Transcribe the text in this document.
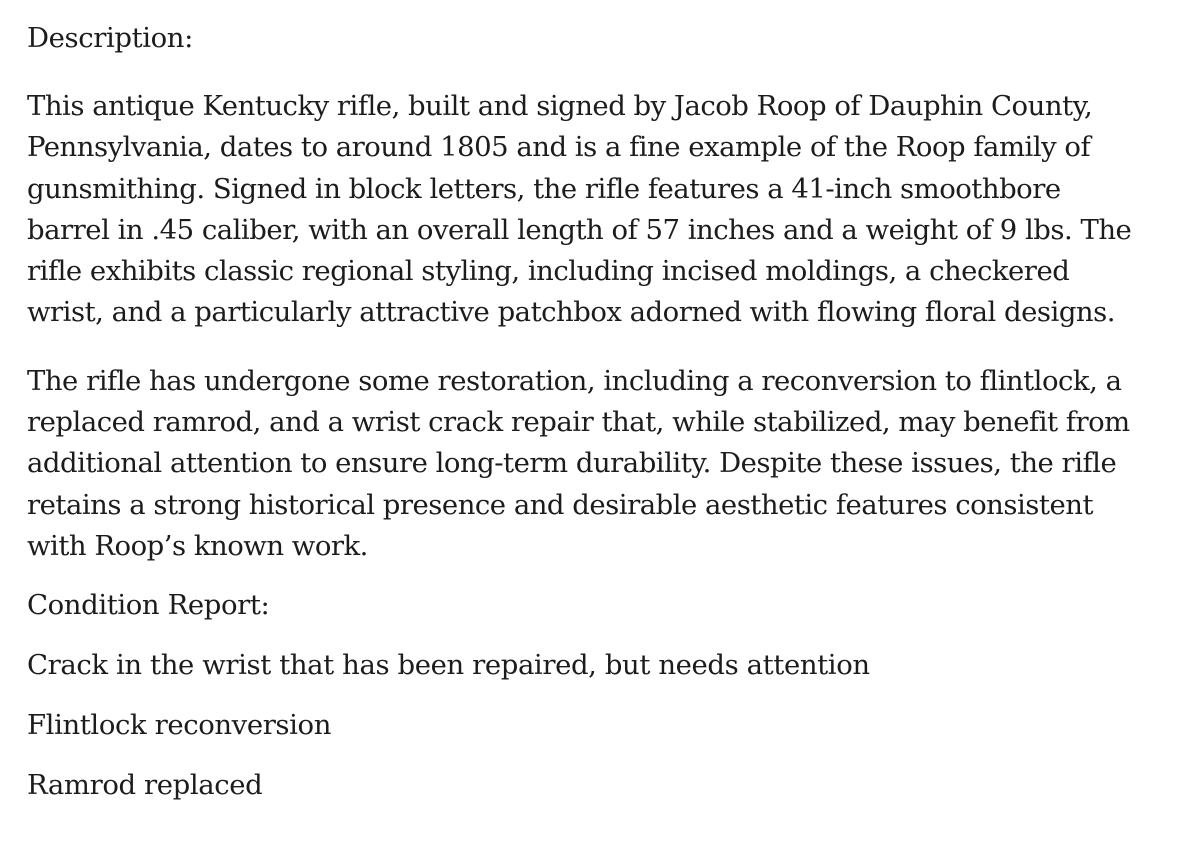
Description:

This antique Kentucky rifle, built and signed by Jacob Roop of Dauphin County,
Pennsylvania, dates to around 1805 and is a fine example of the Roop family of
gunsmithing. Signed in block letters, the rifle features a 41-inch smoothbore
barrel in .45 caliber, with an overall length of 57 inches and a weight of 9 lbs. The
rifle exhibits classic regional styling, including incised moldings, a checkered
wrist, and a particularly attractive patchbox adorned with flowing floral designs.

The rifle has undergone some restoration, including a reconversion to flintlock, a
replaced ramrod, and a wrist crack repair that, while stabilized, may benefit from
additional attention to ensure long-term durability. Despite these issues, the rifle
retains a strong historical presence and desirable aesthetic features consistent
with Roop’s known work.

Condition Report:

Crack in the wrist that has been repaired, but needs attention

Flintlock reconversion

Ramrod replaced
